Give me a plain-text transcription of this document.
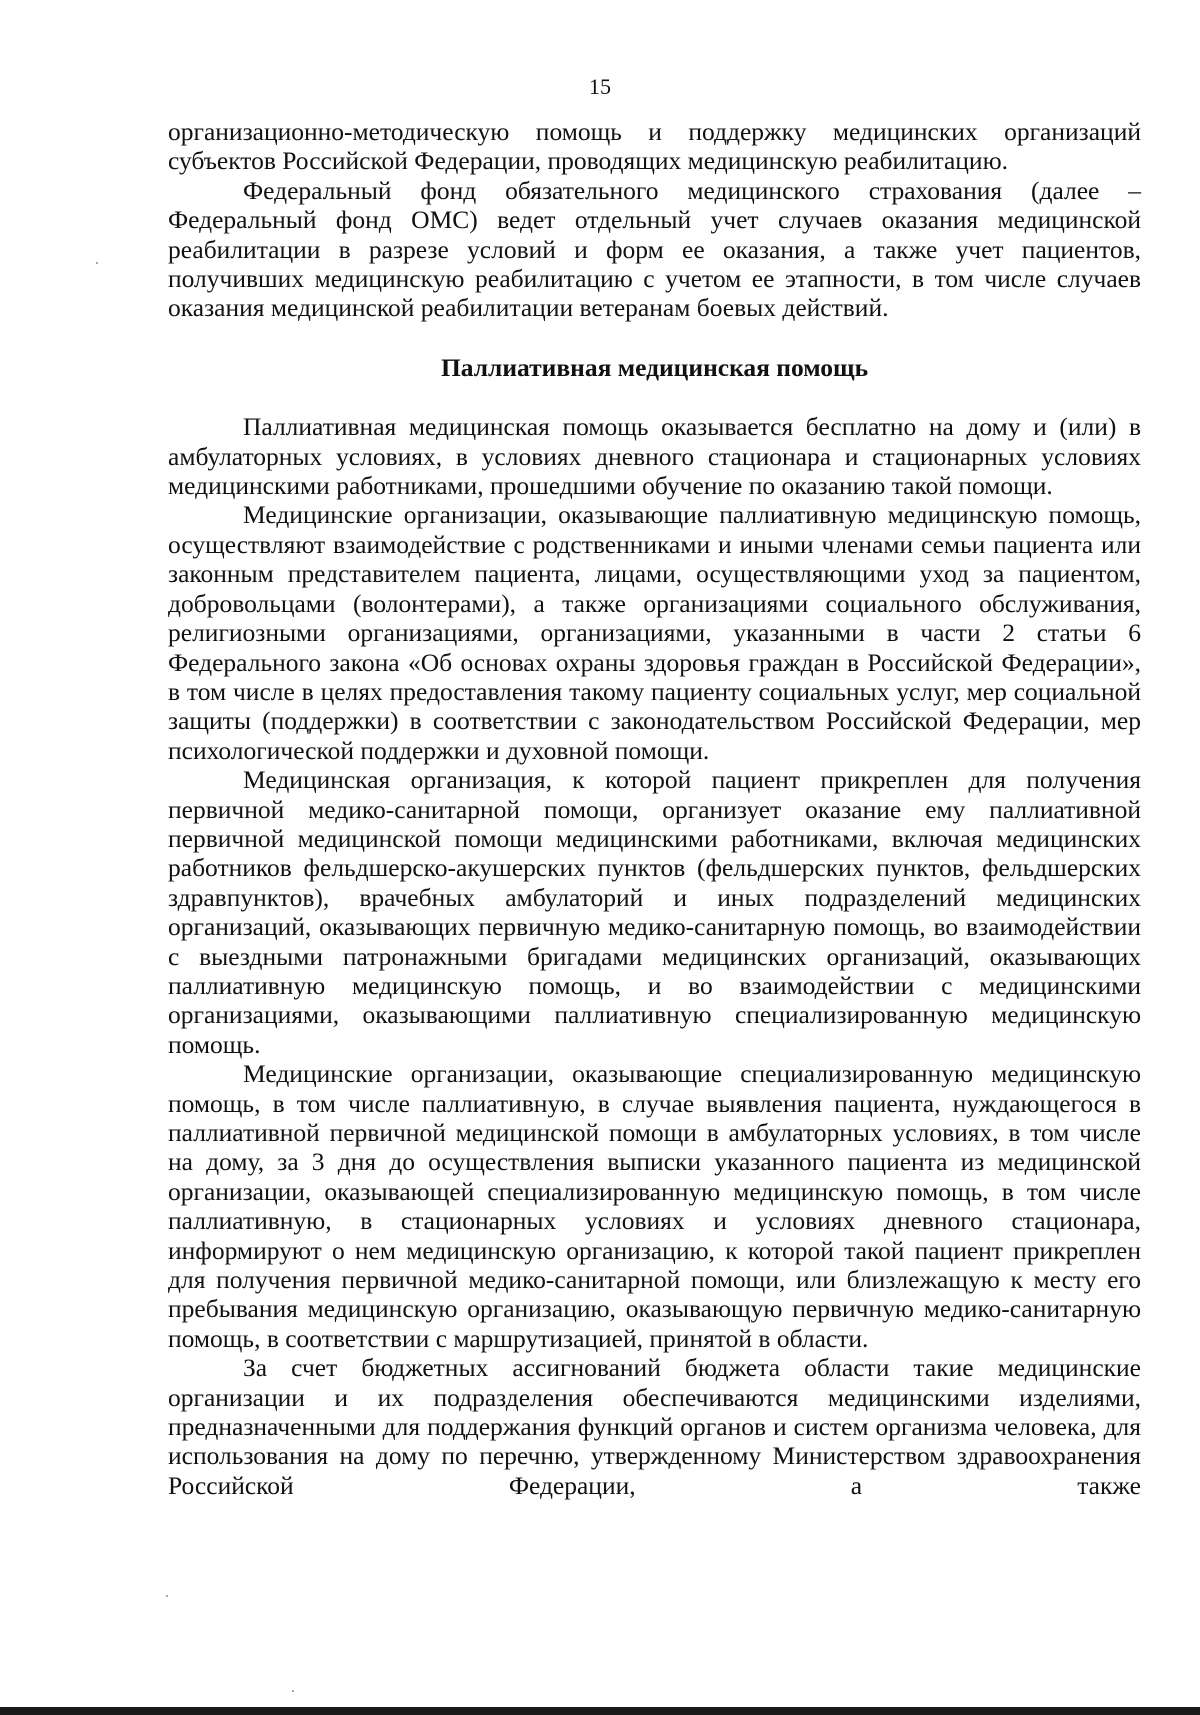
15

организационно-методическую помощь и поддержку медицинских организаций субъектов Российской Федерации, проводящих медицинскую реабилитацию.

Федеральный фонд обязательного медицинского страхования (далее – Федеральный фонд ОМС) ведет отдельный учет случаев оказания медицинской реабилитации в разрезе условий и форм ее оказания, а также учет пациентов, получивших медицинскую реабилитацию с учетом ее этапности, в том числе случаев оказания медицинской реабилитации ветеранам боевых действий.

Паллиативная медицинская помощь

Паллиативная медицинская помощь оказывается бесплатно на дому и (или) в амбулаторных условиях, в условиях дневного стационара и стационарных условиях медицинскими работниками, прошедшими обучение по оказанию такой помощи.

Медицинские организации, оказывающие паллиативную медицинскую помощь, осуществляют взаимодействие с родственниками и иными членами семьи пациента или законным представителем пациента, лицами, осуществляющими уход за пациентом, добровольцами (волонтерами), а также организациями социального обслуживания, религиозными организациями, организациями, указанными в части 2 статьи 6 Федерального закона «Об основах охраны здоровья граждан в Российской Федерации», в том числе в целях предоставления такому пациенту социальных услуг, мер социальной защиты (поддержки) в соответствии с законодательством Российской Федерации, мер психологической поддержки и духовной помощи.

Медицинская организация, к которой пациент прикреплен для получения первичной медико-санитарной помощи, организует оказание ему паллиативной первичной медицинской помощи медицинскими работниками, включая медицинских работников фельдшерско-акушерских пунктов (фельдшерских пунктов, фельдшерских здравпунктов), врачебных амбулаторий и иных подразделений медицинских организаций, оказывающих первичную медико-санитарную помощь, во взаимодействии с выездными патронажными бригадами медицинских организаций, оказывающих паллиативную медицинскую помощь, и во взаимодействии с медицинскими организациями, оказывающими паллиативную специализированную медицинскую помощь.

Медицинские организации, оказывающие специализированную медицинскую помощь, в том числе паллиативную, в случае выявления пациента, нуждающегося в паллиативной первичной медицинской помощи в амбулаторных условиях, в том числе на дому, за 3 дня до осуществления выписки указанного пациента из медицинской организации, оказывающей специализированную медицинскую помощь, в том числе паллиативную, в стационарных условиях и условиях дневного стационара, информируют о нем медицинскую организацию, к которой такой пациент прикреплен для получения первичной медико-санитарной помощи, или близлежащую к месту его пребывания медицинскую организацию, оказывающую первичную медико-санитарную помощь, в соответствии с маршрутизацией, принятой в области.

За счет бюджетных ассигнований бюджета области такие медицинские организации и их подразделения обеспечиваются медицинскими изделиями, предназначенными для поддержания функций органов и систем организма человека, для использования на дому по перечню, утвержденному Министерством здравоохранения Российской Федерации, а также
